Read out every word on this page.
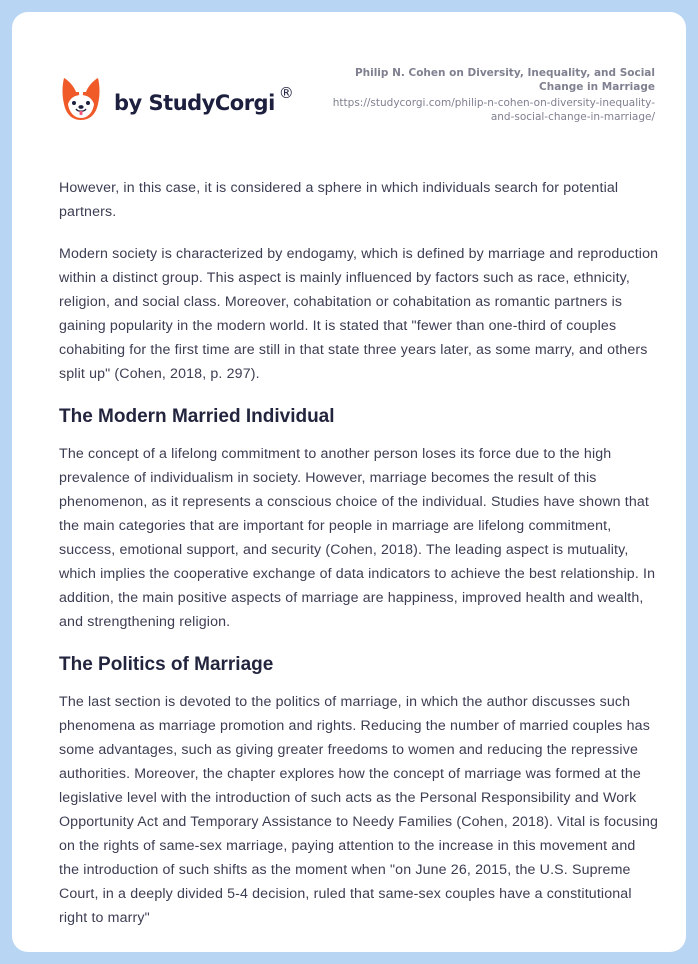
by StudyCorgi ®
Philip N. Cohen on Diversity, Inequality, and Social
Change in Marriage
https://studycorgi.com/philip-n-cohen-on-diversity-inequality-
and-social-change-in-marriage/

However, in this case, it is considered a sphere in which individuals search for potential partners.

Modern society is characterized by endogamy, which is defined by marriage and reproduction within a distinct group. This aspect is mainly influenced by factors such as race, ethnicity, religion, and social class. Moreover, cohabitation or cohabitation as romantic partners is gaining popularity in the modern world. It is stated that "fewer than one-third of couples cohabiting for the first time are still in that state three years later, as some marry, and others split up" (Cohen, 2018, p. 297).

The Modern Married Individual

The concept of a lifelong commitment to another person loses its force due to the high prevalence of individualism in society. However, marriage becomes the result of this phenomenon, as it represents a conscious choice of the individual. Studies have shown that the main categories that are important for people in marriage are lifelong commitment, success, emotional support, and security (Cohen, 2018). The leading aspect is mutuality, which implies the cooperative exchange of data indicators to achieve the best relationship. In addition, the main positive aspects of marriage are happiness, improved health and wealth, and strengthening religion.

The Politics of Marriage

The last section is devoted to the politics of marriage, in which the author discusses such phenomena as marriage promotion and rights. Reducing the number of married couples has some advantages, such as giving greater freedoms to women and reducing the repressive authorities. Moreover, the chapter explores how the concept of marriage was formed at the legislative level with the introduction of such acts as the Personal Responsibility and Work Opportunity Act and Temporary Assistance to Needy Families (Cohen, 2018). Vital is focusing on the rights of same-sex marriage, paying attention to the increase in this movement and the introduction of such shifts as the moment when "on June 26, 2015, the U.S. Supreme Court, in a deeply divided 5-4 decision, ruled that same-sex couples have a constitutional right to marry"
